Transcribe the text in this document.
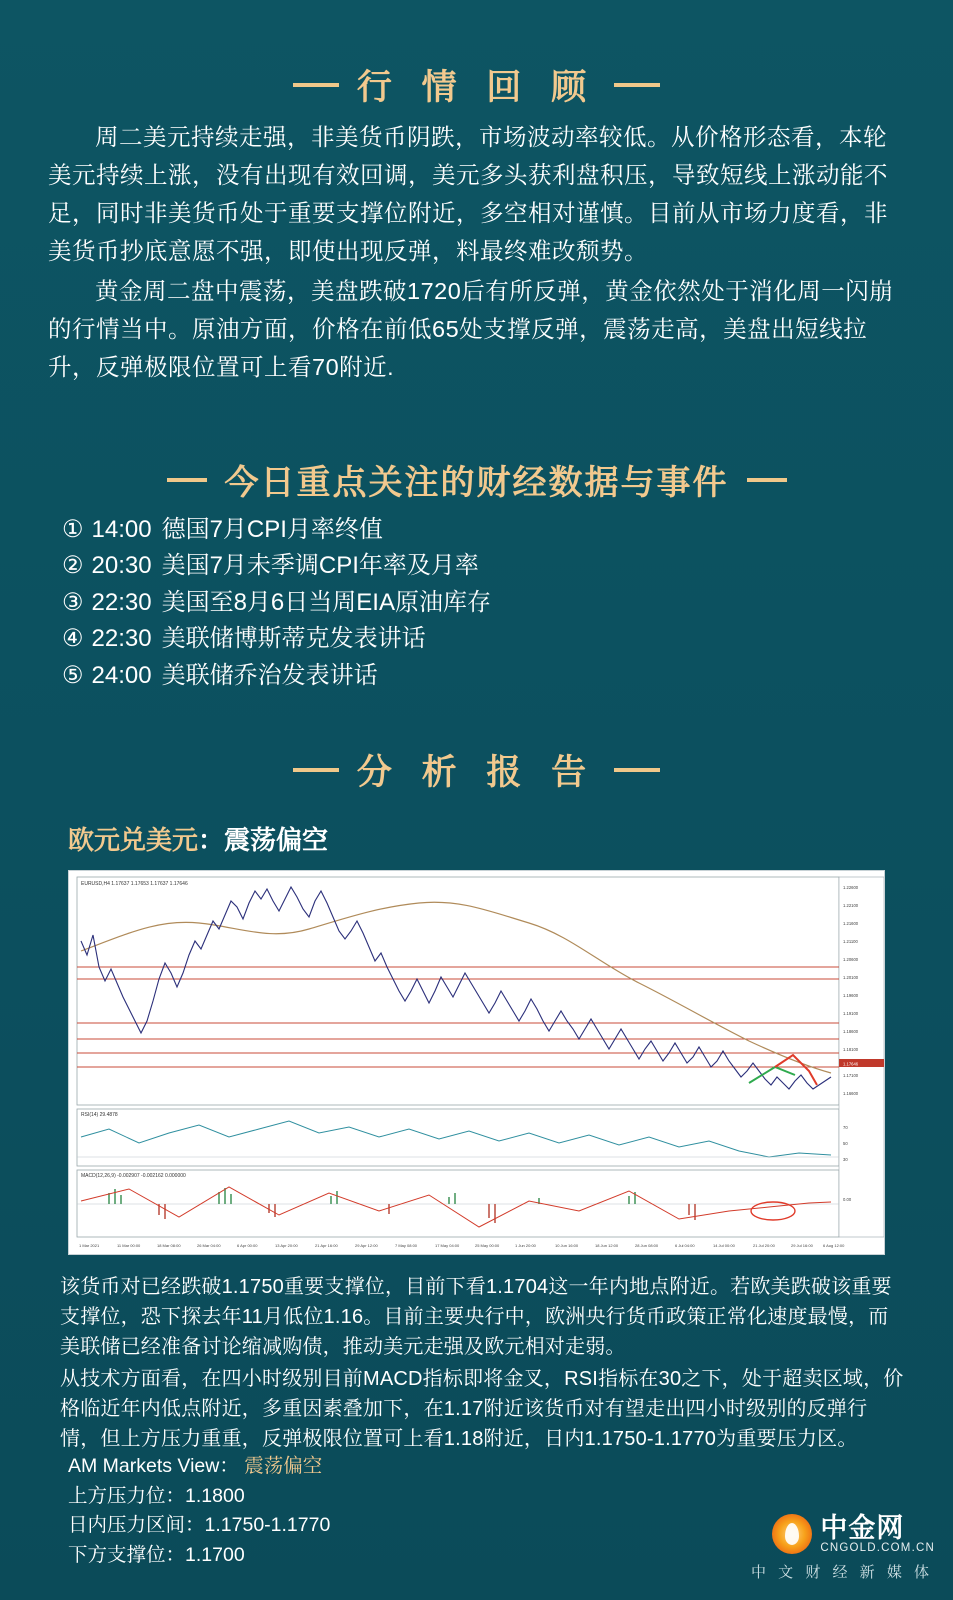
行 情 回 顾

周二美元持续走强，非美货币阴跌，市场波动率较低。从价格形态看，本轮美元持续上涨，没有出现有效回调，美元多头获利盘积压，导致短线上涨动能不足，同时非美货币处于重要支撑位附近，多空相对谨慎。目前从市场力度看，非美货币抄底意愿不强，即使出现反弹，料最终难改颓势。

黄金周二盘中震荡，美盘跌破1720后有所反弹，黄金依然处于消化周一闪崩的行情当中。原油方面，价格在前低65处支撑反弹，震荡走高，美盘出短线拉升，反弹极限位置可上看70附近.

今日重点关注的财经数据与事件
① 14:00 德国7月CPI月率终值
② 20:30 美国7月未季调CPI年率及月率
③ 22:30 美国至8月6日当周EIA原油库存
④ 22:30 美联储博斯蒂克发表讲话
⑤ 24:00 美联储乔治发表讲话
分 析 报 告
欧元兑美元：震荡偏空
EURUSD,H4 1.17637 1.17653 1.17637 1.17646
RSI(14) 29.4878
MACD(12,26,9) -0.002907 -0.002162 0.000000
1.22600
1.22100
1.21600
1.21100
1.20600
1.20100
1.19600
1.19100
1.18600
1.18100
1.17100
1.16600
70
50
30
0.00
1.17646
1 Mar 2021	11 Mar 00:00	18 Mar 08:00	26 Mar 04:00	6 Apr 00:00	13 Apr 20:00	21 Apr 16:00	29 Apr 12:00	7 May 08:00	17 May 04:00	25 May 00:00	1 Jun 20:00	10 Jun 16:00	18 Jun 12:00	28 Jun 08:00	6 Jul 04:00	14 Jul 00:00	21 Jul 20:00	29 Jul 16:00	6 Aug 12:00

该货币对已经跌破1.1750重要支撑位，目前下看1.1704这一年内地点附近。若欧美跌破该重要支撑位，恐下探去年11月低位1.16。目前主要央行中，欧洲央行货币政策正常化速度最慢，而美联储已经准备讨论缩减购债，推动美元走强及欧元相对走弱。

从技术方面看，在四小时级别目前MACD指标即将金叉，RSI指标在30之下，处于超卖区域，价格临近年内低点附近，多重因素叠加下，在1.17附近该货币对有望走出四小时级别的反弹行情，但上方压力重重，反弹极限位置可上看1.18附近，日内1.1750-1.1770为重要压力区。

AM Markets View： 震荡偏空
上方压力位：1.1800
日内压力区间：1.1750-1.1770
下方支撑位：1.1700
中金网
CNGOLD.COM.CN
中 文 财 经 新 媒 体
